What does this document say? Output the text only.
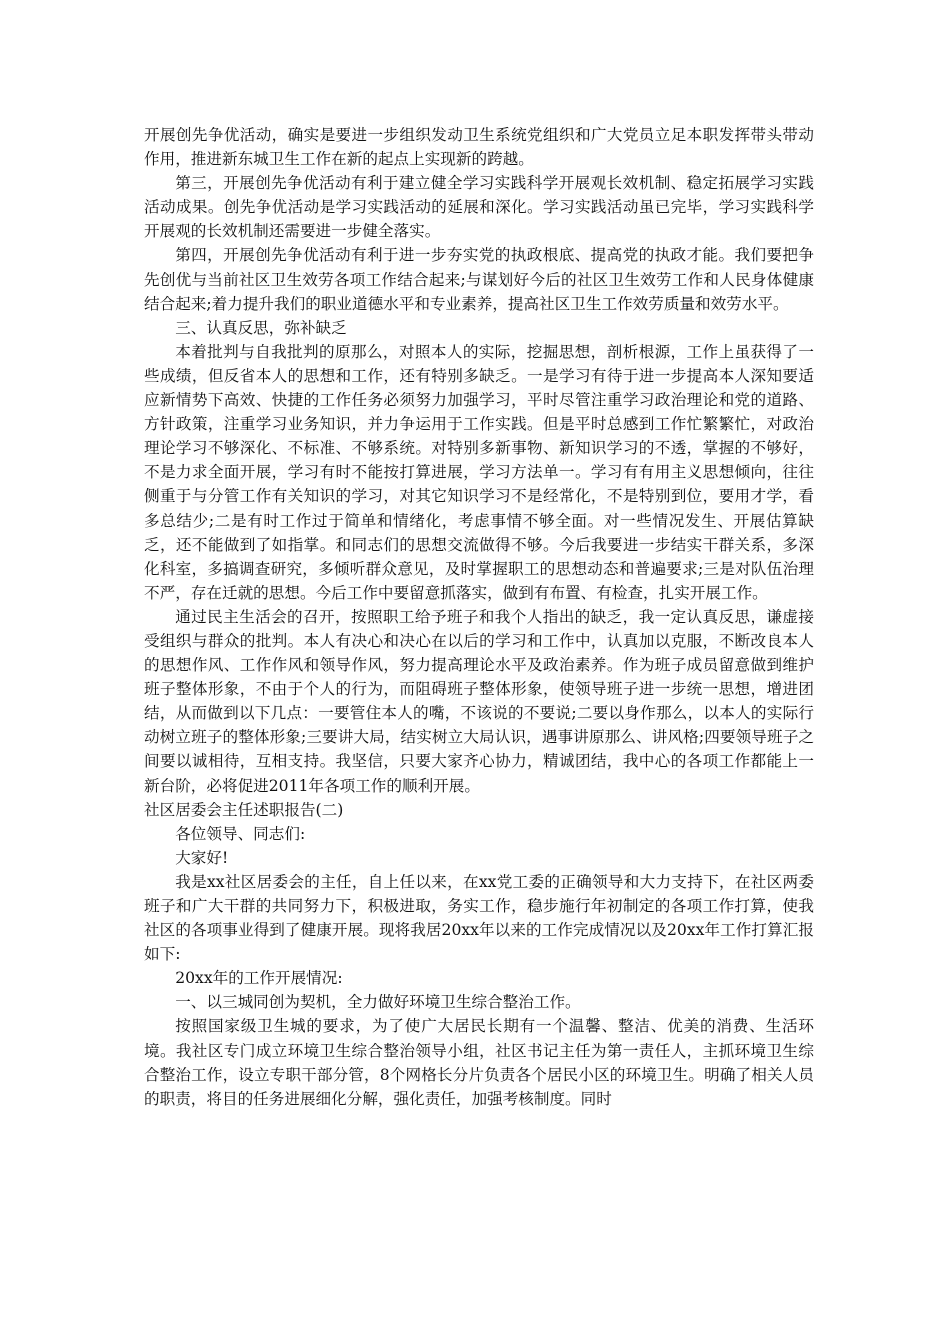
开展创先争优活动，确实是要进一步组织发动卫生系统党组织和广大党员立足本职发挥带头带动作用，推进新东城卫生工作在新的起点上实现新的跨越。

第三，开展创先争优活动有利于建立健全学习实践科学开展观长效机制、稳定拓展学习实践活动成果。创先争优活动是学习实践活动的延展和深化。学习实践活动虽已完毕，学习实践科学开展观的长效机制还需要进一步健全落实。

第四，开展创先争优活动有利于进一步夯实党的执政根底、提高党的执政才能。我们要把争先创优与当前社区卫生效劳各项工作结合起来;与谋划好今后的社区卫生效劳工作和人民身体健康结合起来;着力提升我们的职业道德水平和专业素养，提高社区卫生工作效劳质量和效劳水平。

三、认真反思，弥补缺乏

本着批判与自我批判的原那么，对照本人的实际，挖掘思想，剖析根源，工作上虽获得了一些成绩，但反省本人的思想和工作，还有特别多缺乏。一是学习有待于进一步提高本人深知要适应新情势下高效、快捷的工作任务必须努力加强学习，平时尽管注重学习政治理论和党的道路、方针政策，注重学习业务知识，并力争运用于工作实践。但是平时总感到工作忙繁繁忙，对政治理论学习不够深化、不标准、不够系统。对特别多新事物、新知识学习的不透，掌握的不够好，不是力求全面开展，学习有时不能按打算进展，学习方法单一。学习有有用主义思想倾向，往往侧重于与分管工作有关知识的学习，对其它知识学习不是经常化，不是特别到位，要用才学，看多总结少;二是有时工作过于简单和情绪化，考虑事情不够全面。对一些情况发生、开展估算缺乏，还不能做到了如指掌。和同志们的思想交流做得不够。今后我要进一步结实干群关系，多深化科室，多搞调查研究，多倾听群众意见，及时掌握职工的思想动态和普遍要求;三是对队伍治理不严，存在迁就的思想。今后工作中要留意抓落实，做到有布置、有检查，扎实开展工作。

通过民主生活会的召开，按照职工给予班子和我个人指出的缺乏，我一定认真反思，谦虚接受组织与群众的批判。本人有决心和决心在以后的学习和工作中，认真加以克服，不断改良本人的思想作风、工作作风和领导作风，努力提高理论水平及政治素养。作为班子成员留意做到维护班子整体形象，不由于个人的行为，而阻碍班子整体形象，使领导班子进一步统一思想，增进团结，从而做到以下几点：一要管住本人的嘴，不该说的不要说;二要以身作那么，以本人的实际行动树立班子的整体形象;三要讲大局，结实树立大局认识，遇事讲原那么、讲风格;四要领导班子之间要以诚相待，互相支持。我坚信，只要大家齐心协力，精诚团结，我中心的各项工作都能上一新台阶，必将促进2011年各项工作的顺利开展。

社区居委会主任述职报告(二)

各位领导、同志们:

大家好!

我是xx社区居委会的主任，自上任以来，在xx党工委的正确领导和大力支持下，在社区两委班子和广大干群的共同努力下，积极进取，务实工作，稳步施行年初制定的各项工作打算，使我社区的各项事业得到了健康开展。现将我居20xx年以来的工作完成情况以及20xx年工作打算汇报如下:

20xx年的工作开展情况:

一、以三城同创为契机，全力做好环境卫生综合整治工作。

按照国家级卫生城的要求，为了使广大居民长期有一个温馨、整洁、优美的消费、生活环境。我社区专门成立环境卫生综合整治领导小组，社区书记主任为第一责任人，主抓环境卫生综合整治工作，设立专职干部分管，8个网格长分片负责各个居民小区的环境卫生。明确了相关人员的职责，将目的任务进展细化分解，强化责任，加强考核制度。同时
